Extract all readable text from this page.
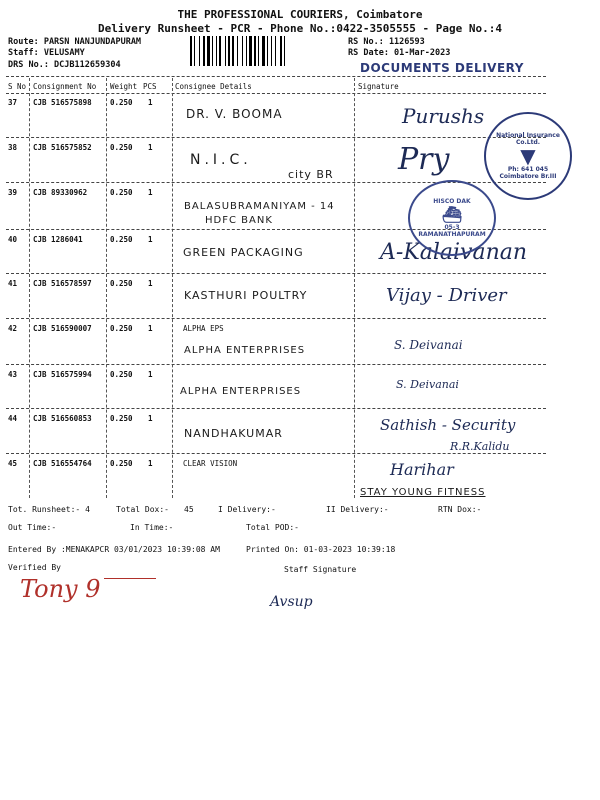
THE PROFESSIONAL COURIERS, Coimbatore
Delivery Runsheet - PCR - Phone No.:0422-3505555 - Page No.:4
Route: PARSN NANJUNDAPURAM
Staff: VELUSAMY
DRS No.: DCJB112659304
RS No.: 1126593
RS Date: 01-Mar-2023
DOCUMENTS DELIVERY
S No Consignment No Weight PCS Consignee Details	Signature
37 CJB 516575898 0.250 1
DR. V. BOOMA	Purushs
38 CJB 516575852 0.250 1
N.I.C.
city BR Pry
39 CJB 89330962	0.250 1
BALASUBRAMANIYAM - 14
HDFC BANK
40 CJB 1286041	0.250 1
GREEN PACKAGING	A-Kalaivanan
41 CJB 516578597 0.250 1
KASTHURI POULTRY	Vijay - Driver
42 CJB 516590007 0.250 1	ALPHA EPS
ALPHA ENTERPRISES	S. Deivanai
43 CJB 516575994 0.250 1
ALPHA ENTERPRISES
S. Deivanai
44 CJB 516560853 0.250 1
NANDHAKUMAR	Sathish - Security
R.R.Kalidu
45 CJB 516554764 0.250 1	CLEAR VISION	Harihar
STAY YOUNG FITNESS
National Insurance Co.Ltd.
▼
Ph: 641 045
Coimbatore Br.III
HISCO DAK
⛴
05-3
RAMANATHAPURAM
Tot. Runsheet:- 4	Total Dox:- 45	I Delivery:-	II Delivery:-	RTN Dox:-
Out Time:-	In Time:-	Total POD:-
Entered By :MENAKAPCR 03/01/2023 10:39:08 AM	Printed On: 01-03-2023 10:39:18
Verified By	Staff Signature
Tony 9	Avsup
